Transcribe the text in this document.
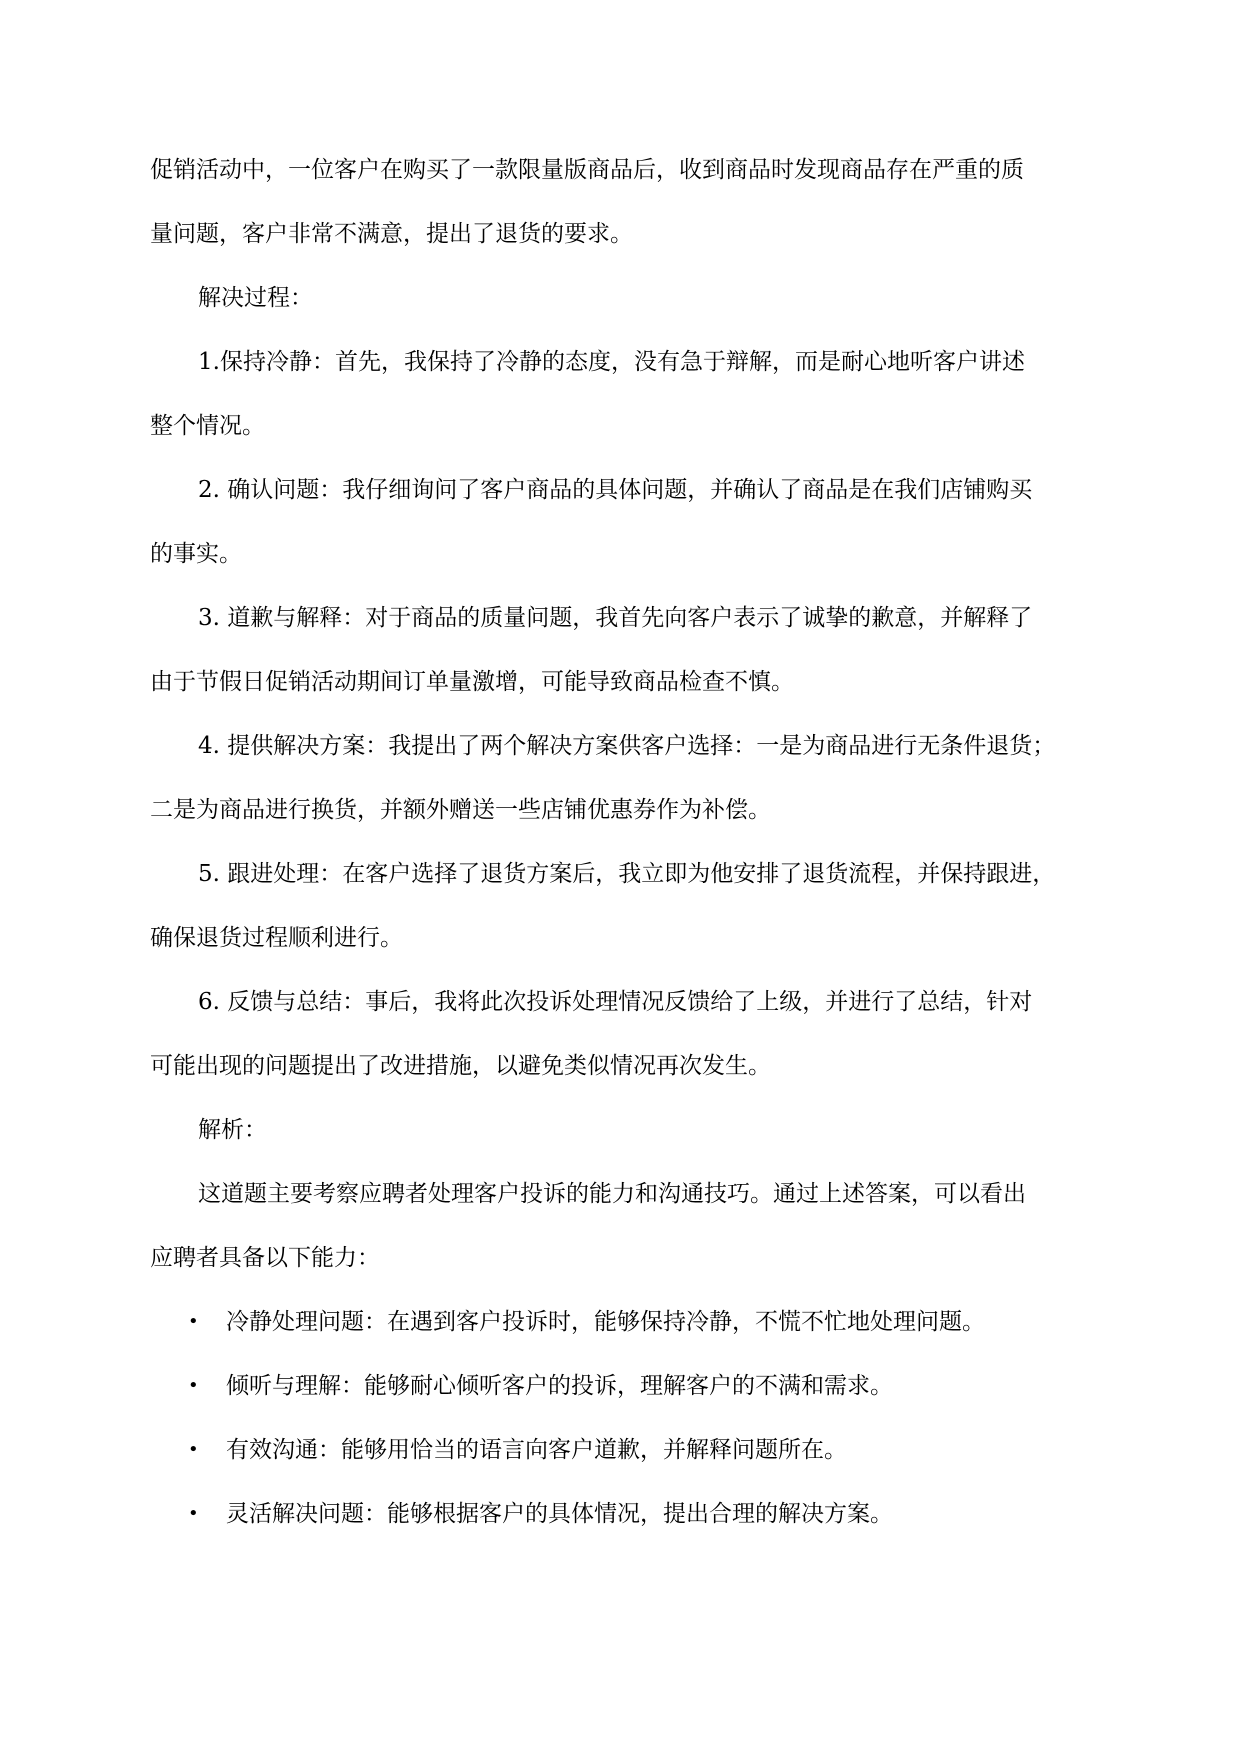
促销活动中，一位客户在购买了一款限量版商品后，收到商品时发现商品存在严重的质
量问题，客户非常不满意，提出了退货的要求。

解决过程：

1.保持冷静：首先，我保持了冷静的态度，没有急于辩解，而是耐心地听客户讲述
整个情况。

2. 确认问题：我仔细询问了客户商品的具体问题，并确认了商品是在我们店铺购买
的事实。

3. 道歉与解释：对于商品的质量问题，我首先向客户表示了诚挚的歉意，并解释了
由于节假日促销活动期间订单量激增，可能导致商品检查不慎。

4. 提供解决方案：我提出了两个解决方案供客户选择：一是为商品进行无条件退货；
二是为商品进行换货，并额外赠送一些店铺优惠券作为补偿。

5. 跟进处理：在客户选择了退货方案后，我立即为他安排了退货流程，并保持跟进，
确保退货过程顺利进行。

6. 反馈与总结：事后，我将此次投诉处理情况反馈给了上级，并进行了总结，针对
可能出现的问题提出了改进措施，以避免类似情况再次发生。

解析：

这道题主要考察应聘者处理客户投诉的能力和沟通技巧。通过上述答案，可以看出
应聘者具备以下能力：

• 冷静处理问题：在遇到客户投诉时，能够保持冷静，不慌不忙地处理问题。
• 倾听与理解：能够耐心倾听客户的投诉，理解客户的不满和需求。
• 有效沟通：能够用恰当的语言向客户道歉，并解释问题所在。
• 灵活解决问题：能够根据客户的具体情况，提出合理的解决方案。
